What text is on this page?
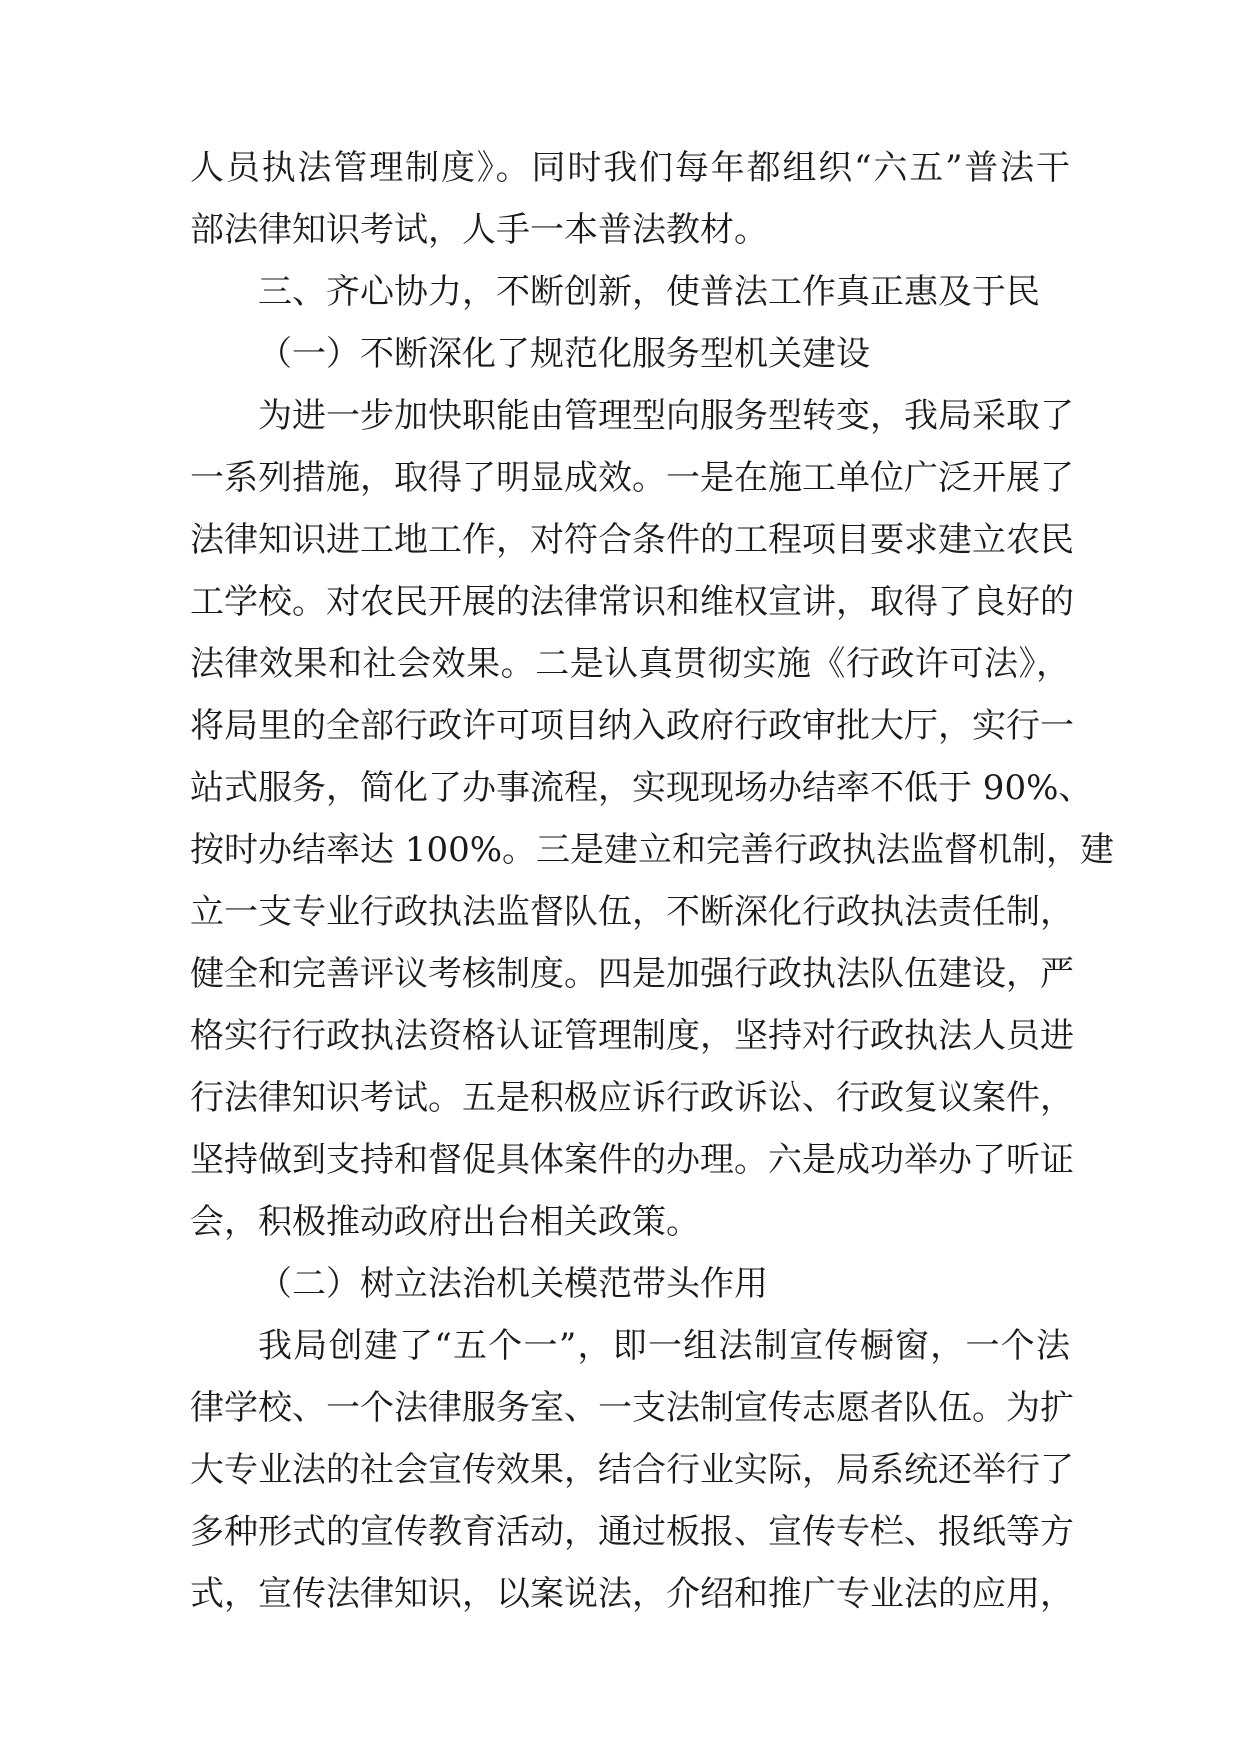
人员执法管理制度》。同时我们每年都组织“六五”普法干
部法律知识考试，人手一本普法教材。
三、齐心协力，不断创新，使普法工作真正惠及于民
（一）不断深化了规范化服务型机关建设
为进一步加快职能由管理型向服务型转变，我局采取了
一系列措施，取得了明显成效。一是在施工单位广泛开展了
法律知识进工地工作，对符合条件的工程项目要求建立农民
工学校。对农民开展的法律常识和维权宣讲，取得了良好的
法律效果和社会效果。二是认真贯彻实施《行政许可法》，
将局里的全部行政许可项目纳入政府行政审批大厅，实行一
站式服务，简化了办事流程，实现现场办结率不低于 90%、
按时办结率达 100%。三是建立和完善行政执法监督机制，建
立一支专业行政执法监督队伍，不断深化行政执法责任制，
健全和完善评议考核制度。四是加强行政执法队伍建设，严
格实行行政执法资格认证管理制度，坚持对行政执法人员进
行法律知识考试。五是积极应诉行政诉讼、行政复议案件，
坚持做到支持和督促具体案件的办理。六是成功举办了听证
会，积极推动政府出台相关政策。
（二）树立法治机关模范带头作用
我局创建了“五个一”，即一组法制宣传橱窗，一个法
律学校、一个法律服务室、一支法制宣传志愿者队伍。为扩
大专业法的社会宣传效果，结合行业实际，局系统还举行了
多种形式的宣传教育活动，通过板报、宣传专栏、报纸等方
式，宣传法律知识，以案说法，介绍和推广专业法的应用，
